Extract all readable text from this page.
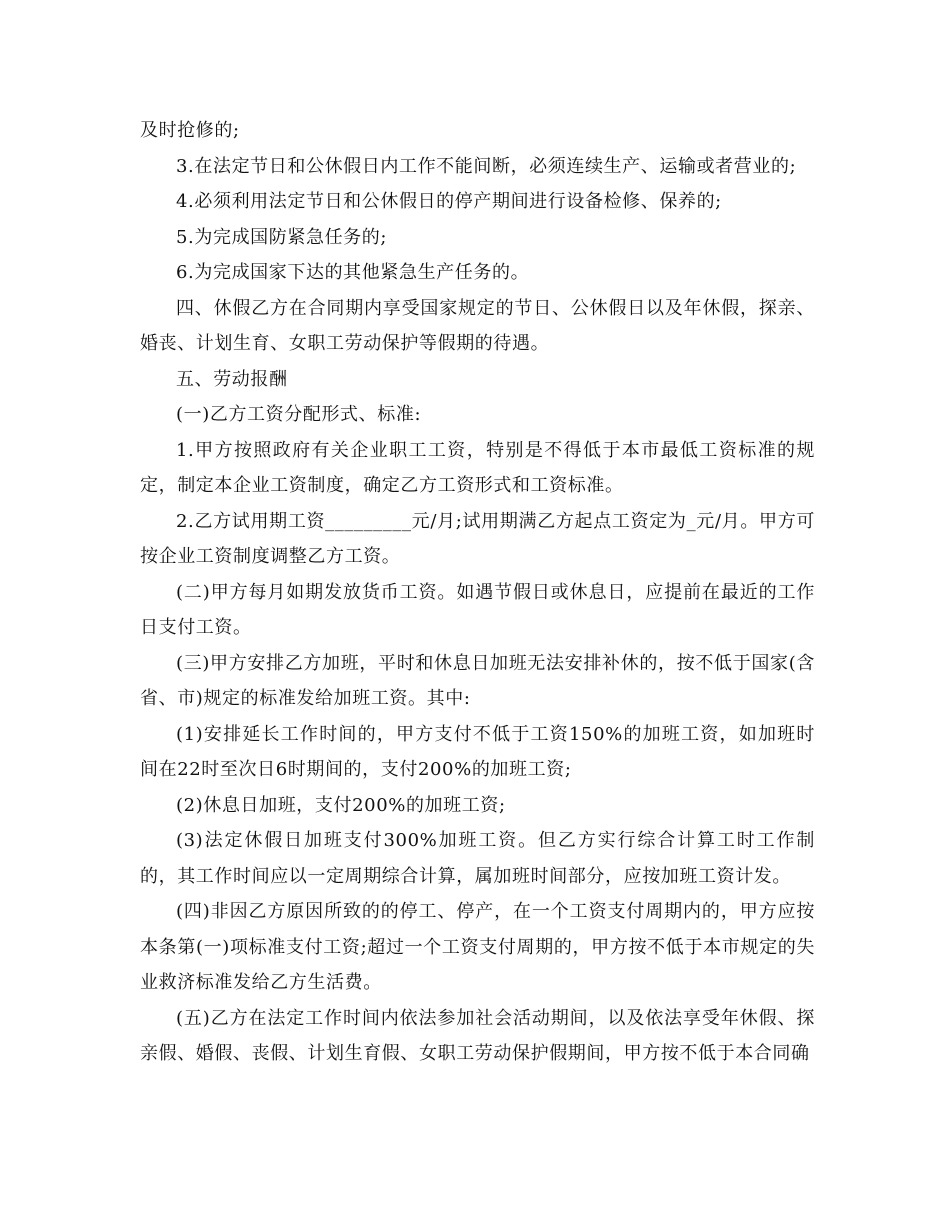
及时抢修的;

3.在法定节日和公休假日内工作不能间断，必须连续生产、运输或者营业的;

4.必须利用法定节日和公休假日的停产期间进行设备检修、保养的;

5.为完成国防紧急任务的;

6.为完成国家下达的其他紧急生产任务的。

四、休假乙方在合同期内享受国家规定的节日、公休假日以及年休假，探亲、婚丧、计划生育、女职工劳动保护等假期的待遇。

五、劳动报酬

(一)乙方工资分配形式、标准:

1.甲方按照政府有关企业职工工资，特别是不得低于本市最低工资标准的规定，制定本企业工资制度，确定乙方工资形式和工资标准。

2.乙方试用期工资_________元/月;试用期满乙方起点工资定为_元/月。甲方可按企业工资制度调整乙方工资。

(二)甲方每月如期发放货币工资。如遇节假日或休息日，应提前在最近的工作日支付工资。

(三)甲方安排乙方加班，平时和休息日加班无法安排补休的，按不低于国家(含省、市)规定的标准发给加班工资。其中:

(1)安排延长工作时间的，甲方支付不低于工资150%的加班工资，如加班时间在22时至次日6时期间的，支付200%的加班工资;

(2)休息日加班，支付200%的加班工资;

(3)法定休假日加班支付300%加班工资。但乙方实行综合计算工时工作制的，其工作时间应以一定周期综合计算，属加班时间部分，应按加班工资计发。

(四)非因乙方原因所致的的停工、停产，在一个工资支付周期内的，甲方应按本条第(一)项标准支付工资;超过一个工资支付周期的，甲方按不低于本市规定的失业救济标准发给乙方生活费。

(五)乙方在法定工作时间内依法参加社会活动期间，以及依法享受年休假、探亲假、婚假、丧假、计划生育假、女职工劳动保护假期间，甲方按不低于本合同确
